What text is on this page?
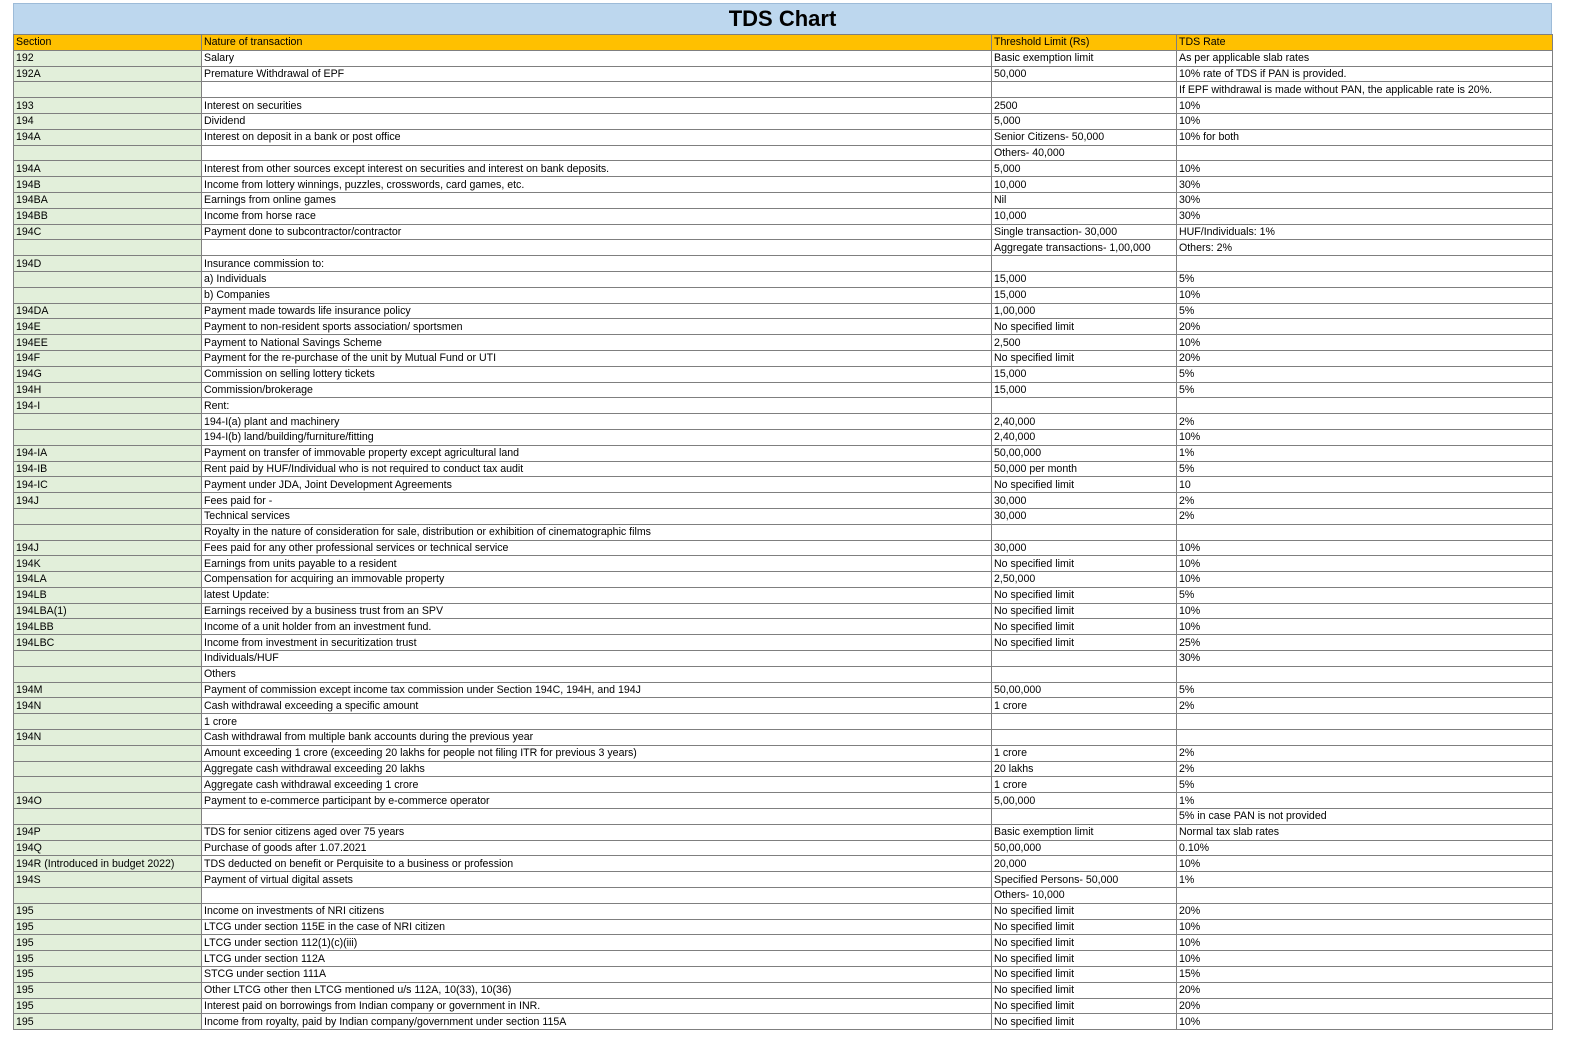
TDS Chart
Section	Nature of transaction	Threshold Limit (Rs)	TDS Rate
192	Salary	Basic exemption limit	As per applicable slab rates
192A	Premature Withdrawal of EPF	50,000	10% rate of TDS if PAN is provided.
			If EPF withdrawal is made without PAN, the applicable rate is 20%.
193	Interest on securities	2500	10%
194	Dividend	5,000	10%
194A	Interest on deposit in a bank or post office	Senior Citizens- 50,000	10% for both
		Others- 40,000	
194A	Interest from other sources except interest on securities and interest on bank deposits.	5,000	10%
194B	Income from lottery winnings, puzzles, crosswords, card games, etc.	10,000	30%
194BA	Earnings from online games	Nil	30%
194BB	Income from horse race	10,000	30%
194C	Payment done to subcontractor/contractor	Single transaction- 30,000	HUF/Individuals: 1%
		Aggregate transactions- 1,00,000	Others: 2%
194D	Insurance commission to:		
	a) Individuals	15,000	5%
	b) Companies	15,000	10%
194DA	Payment made towards life insurance policy	1,00,000	5%
194E	Payment to non-resident sports association/ sportsmen	No specified limit	20%
194EE	Payment to National Savings Scheme	2,500	10%
194F	Payment for the re-purchase of the unit by Mutual Fund or UTI	No specified limit	20%
194G	Commission on selling lottery tickets	15,000	5%
194H	Commission/brokerage	15,000	5%
194-I	Rent:		
	194-I(a) plant and machinery	2,40,000	2%
	194-I(b) land/building/furniture/fitting	2,40,000	10%
194-IA	Payment on transfer of immovable property except agricultural land	50,00,000	1%
194-IB	Rent paid by HUF/Individual who is not required to conduct tax audit	50,000 per month	5%
194-IC	Payment under JDA, Joint Development Agreements	No specified limit	10
194J	Fees paid for -	30,000	2%
	Technical services	30,000	2%
	Royalty in the nature of consideration for sale, distribution or exhibition of cinematographic films		
194J	Fees paid for any other professional services or technical service	30,000	10%
194K	Earnings from units payable to a resident	No specified limit	10%
194LA	Compensation for acquiring an immovable property	2,50,000	10%
194LB	latest Update:	No specified limit	5%
194LBA(1)	Earnings received by a business trust from an SPV	No specified limit	10%
194LBB	Income of a unit holder from an investment fund.	No specified limit	10%
194LBC	Income from investment in securitization trust	No specified limit	25%
	Individuals/HUF		30%
	Others		
194M	Payment of commission except income tax commission under Section 194C, 194H, and 194J	50,00,000	5%
194N	Cash withdrawal exceeding a specific amount	1 crore	2%
	1 crore		
194N	Cash withdrawal from multiple bank accounts during the previous year		
	Amount exceeding 1 crore (exceeding 20 lakhs for people not filing ITR for previous 3 years)	1 crore	2%
	Aggregate cash withdrawal exceeding 20 lakhs	20 lakhs	2%
	Aggregate cash withdrawal exceeding 1 crore	1 crore	5%
194O	Payment to e-commerce participant by e-commerce operator	5,00,000	1%
			5% in case PAN is not provided
194P	TDS for senior citizens aged over 75 years	Basic exemption limit	Normal tax slab rates
194Q	Purchase of goods after 1.07.2021	50,00,000	0.10%
194R (Introduced in budget 2022)	TDS deducted on benefit or Perquisite to a business or profession	20,000	10%
194S	Payment of virtual digital assets	Specified Persons- 50,000	1%
		Others- 10,000	
195	Income on investments of NRI citizens	No specified limit	20%
195	LTCG under section 115E in the case of NRI citizen	No specified limit	10%
195	LTCG under section 112(1)(c)(iii)	No specified limit	10%
195	LTCG under section 112A	No specified limit	10%
195	STCG under section 111A	No specified limit	15%
195	Other LTCG other then LTCG mentioned u/s 112A, 10(33), 10(36)	No specified limit	20%
195	Interest paid on borrowings from Indian company or government in INR.	No specified limit	20%
195	Income from royalty, paid by Indian company/government under section 115A	No specified limit	10%
